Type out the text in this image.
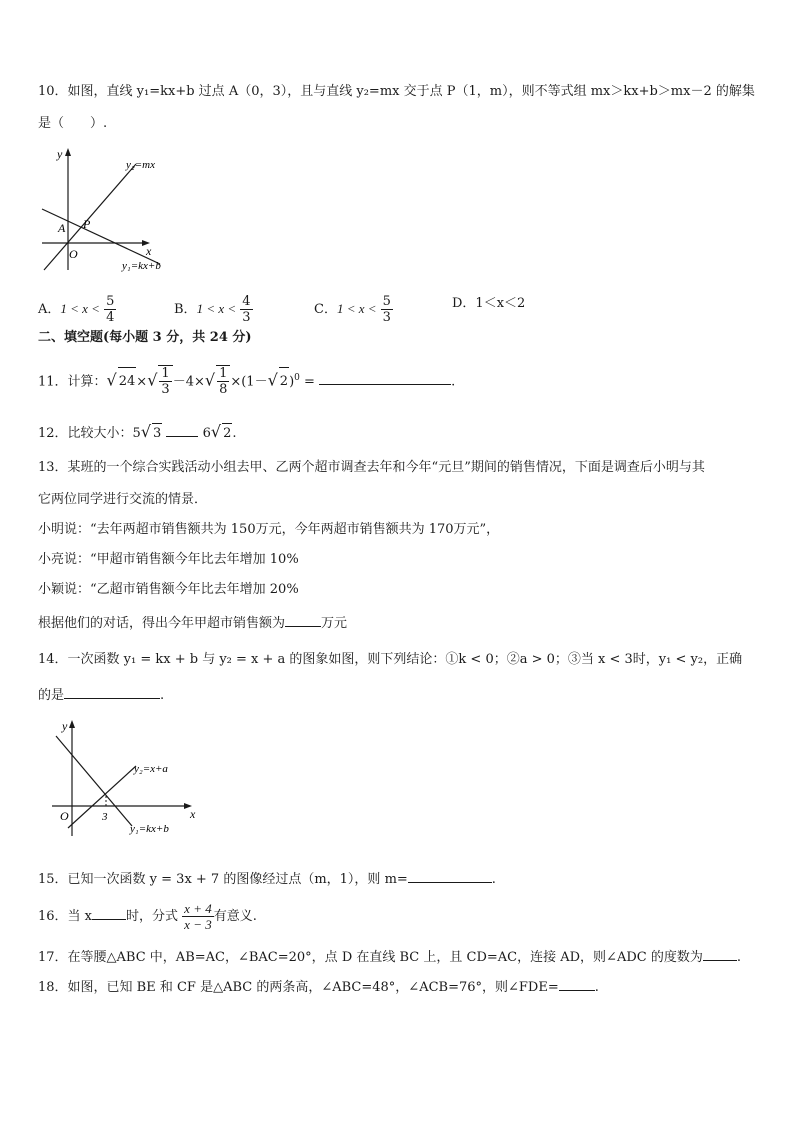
10．如图，直线 y₁=kx+b 过点 A（0，3），且与直线 y₂=mx 交于点 P（1，m），则不等式组 mx＞kx+b＞mx－2 的解集
是（　　）.
y
x
O
A P
y₂=mx
y₁=kx+b
A．$1 < x < \frac{5}{4}$	B．$1 < x < \frac{4}{3}$	C．$1 < x < \frac{5}{3}$	D．1＜x＜2
二、填空题(每小题 3 分，共 24 分)
11．计算：√ $24\times√ \frac{1}{3} -4\times√ \frac{1}{8} \times(1-√$ 2)$^0$ =	.
12．比较大小：5√ 3	6√ 2.
13．某班的一个综合实践活动小组去甲、乙两个超市调查去年和今年“元旦”期间的销售情况，下面是调查后小明与其
它两位同学进行交流的情景．
小明说：“去年两超市销售额共为 150万元，今年两超市销售额共为 170万元”，
小亮说：“甲超市销售额今年比去年增加 10%
小颖说：“乙超市销售额今年比去年增加 20%
根据他们的对话，得出今年甲超市销售额为	万元
14．一次函数 y₁ = kx + b 与 y₂ = x + a 的图象如图，则下列结论：①k < 0；②a > 0；③当 x < 3时，y₁ < y₂，正确
的是	.
y
x
O	3
y₂=x+a
y₁=kx+b
15．已知一次函数 y = 3x + 7 的图像经过点（m，1），则 m=	.
16．当 x	时，分式 $\frac{x + 4}{x - 3}$ 有意义.
17．在等腰△ABC 中，AB=AC，∠BAC=20°，点 D 在直线 BC 上，且 CD=AC，连接 AD，则∠ADC 的度数为	.
18．如图，已知 BE 和 CF 是△ABC 的两条高，∠ABC=48°，∠ACB=76°，则∠FDE=	.
